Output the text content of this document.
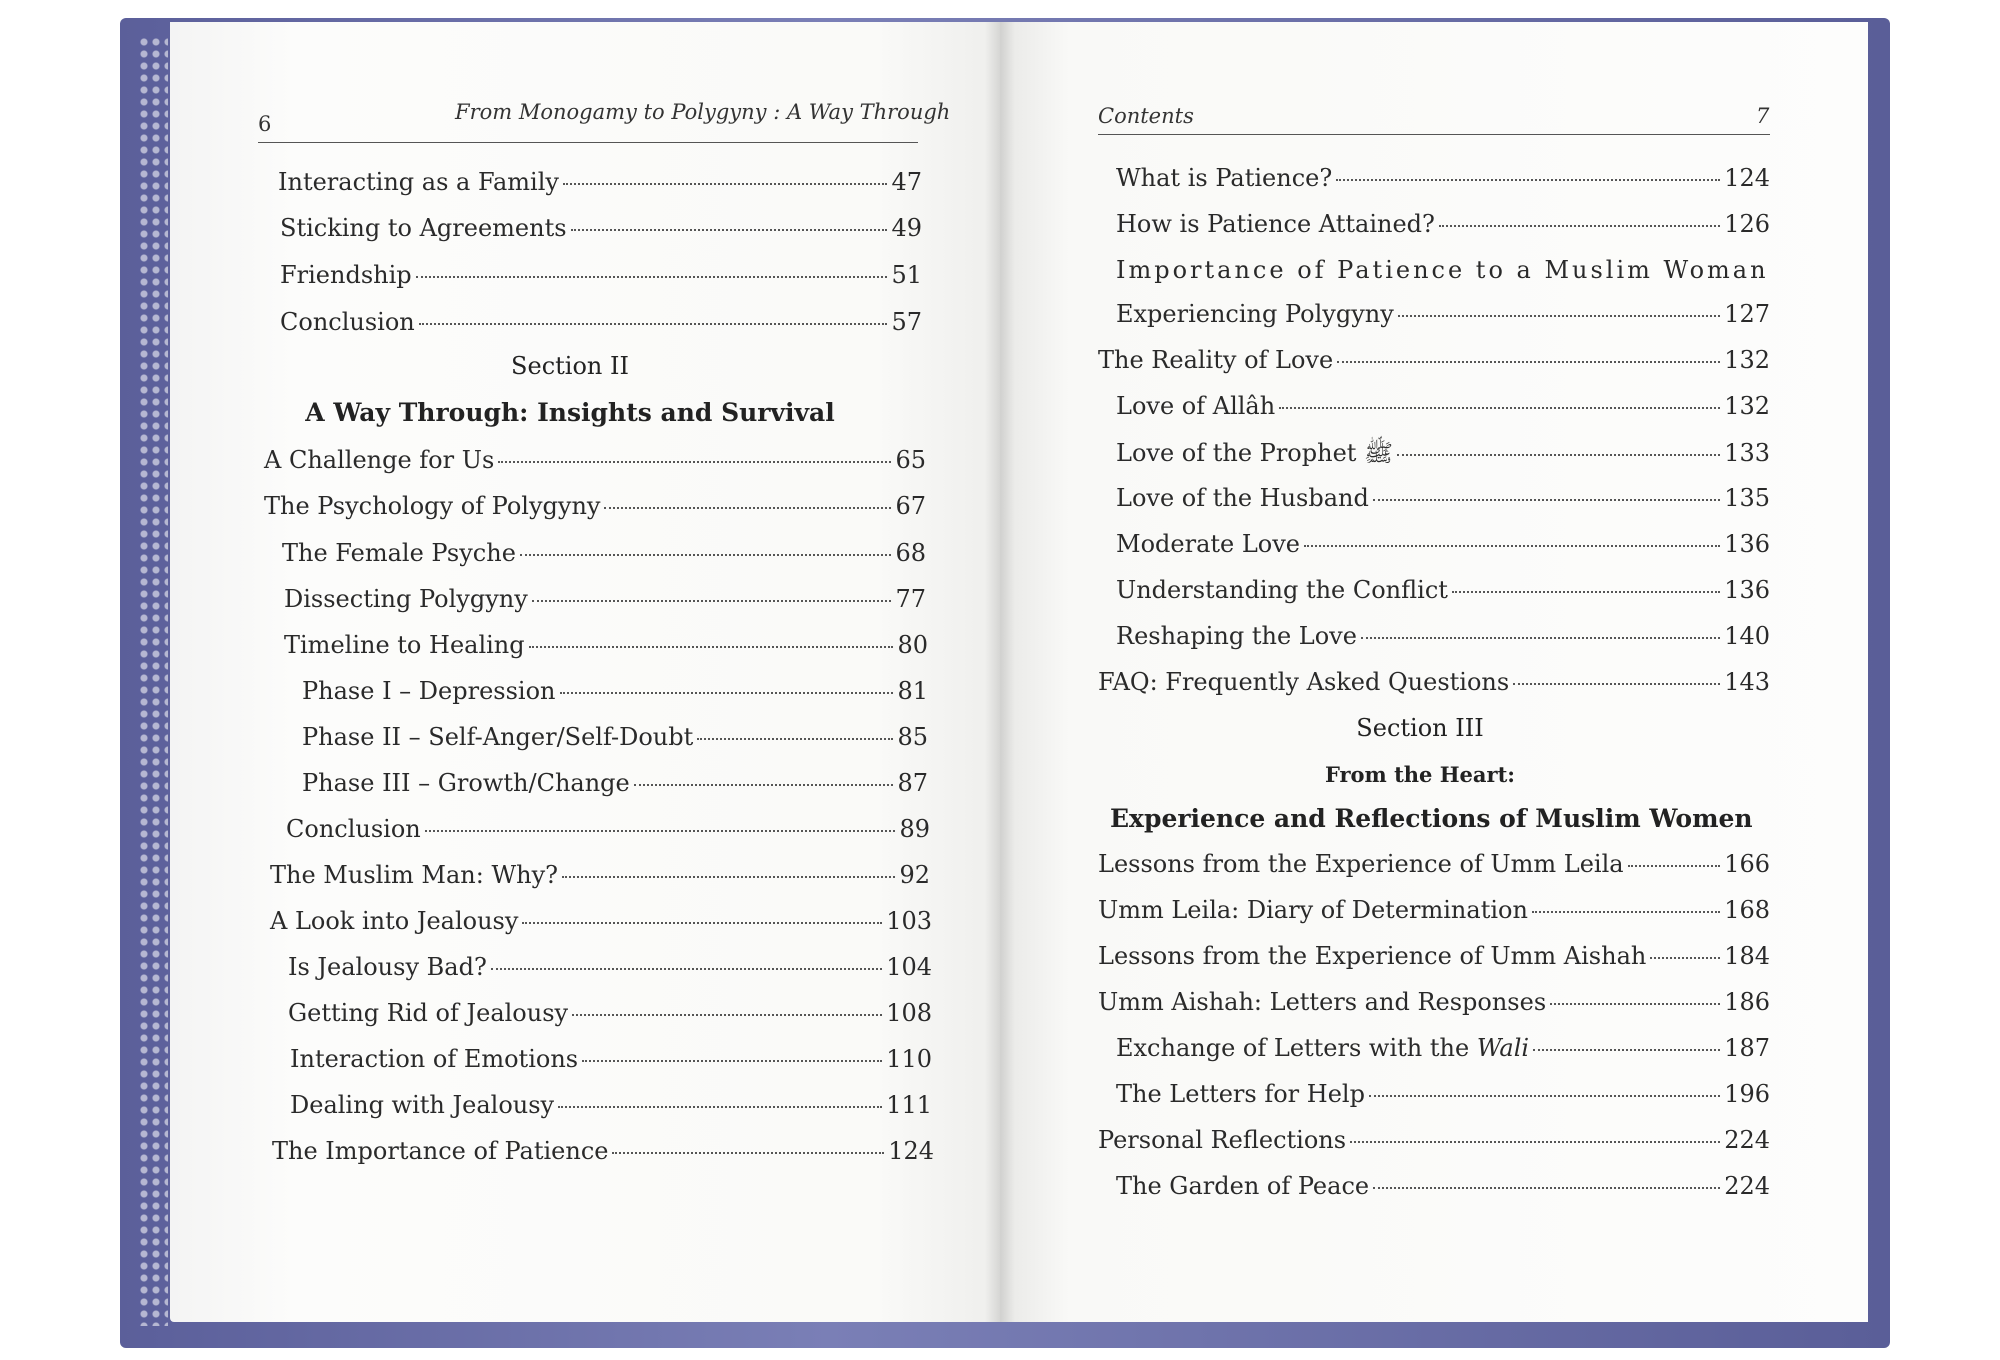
6	From Monogamy to Polygyny : A Way Through
Interacting as a Family	47
Sticking to Agreements	49
Friendship	51
Conclusion	57
Section II
A Way Through: Insights and Survival
A Challenge for Us	65
The Psychology of Polygyny	67
The Female Psyche	68
Dissecting Polygyny	77
Timeline to Healing	80
Phase I – Depression	81
Phase II – Self-Anger/Self-Doubt	85
Phase III – Growth/Change	87
Conclusion	89
The Muslim Man: Why?	92
A Look into Jealousy	103
Is Jealousy Bad?	104
Getting Rid of Jealousy	108
Interaction of Emotions	110
Dealing with Jealousy	111
The Importance of Patience	124
Contents	7
What is Patience?	124
How is Patience Attained?	126
Importance of Patience to a Muslim Woman
Experiencing Polygyny	127
The Reality of Love	132
Love of Allâh	132
Love of the Prophet ﷺ	133
Love of the Husband	135
Moderate Love	136
Understanding the Conflict	136
Reshaping the Love	140
FAQ: Frequently Asked Questions	143
Section III
From the Heart:
Experience and Reflections of Muslim Women
Lessons from the Experience of Umm Leila	166
Umm Leila: Diary of Determination	168
Lessons from the Experience of Umm Aishah	184
Umm Aishah: Letters and Responses	186
Exchange of Letters with the Wali	187
The Letters for Help	196
Personal Reflections	224
The Garden of Peace	224
